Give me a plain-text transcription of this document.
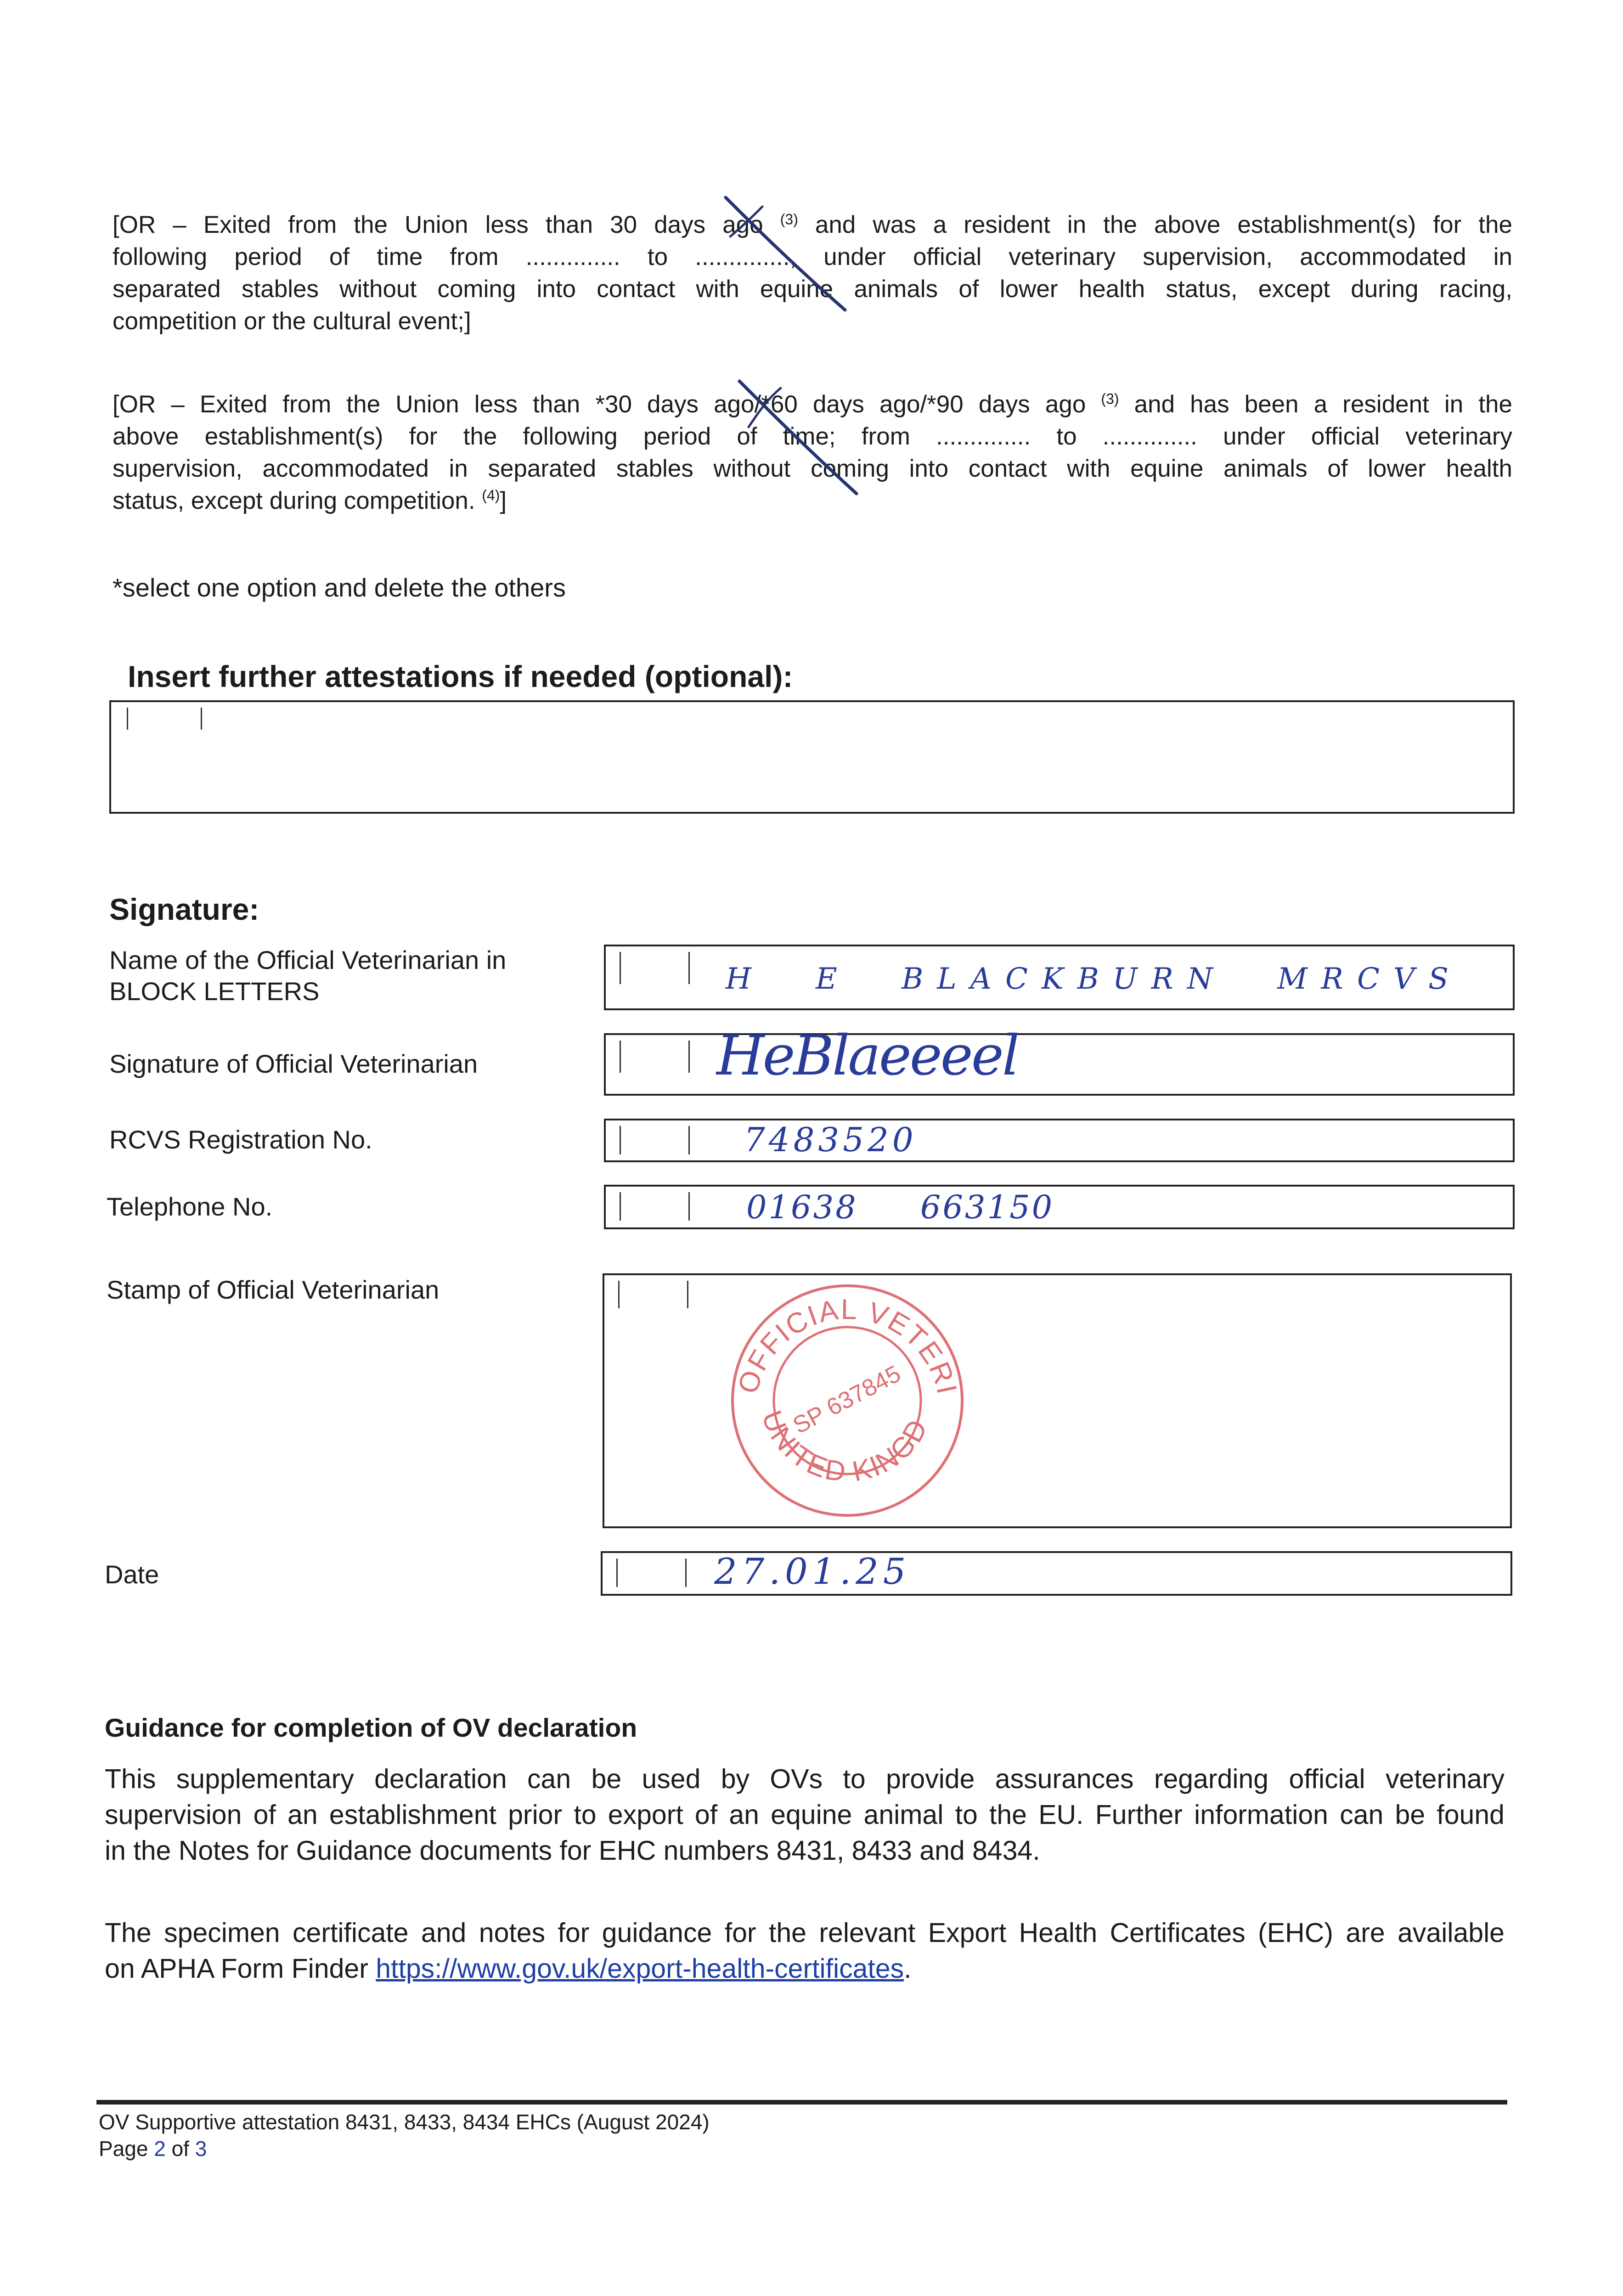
[OR – Exited from the Union less than 30 days ago $^{(3)}$ and was a resident in the above establishment(s) for the
following period of time from .............. to .............., under official veterinary supervision, accommodated in
separated stables without coming into contact with equine animals of lower health status, except during racing,
competition or the cultural event;]
[OR – Exited from the Union less than *30 days ago/*60 days ago/*90 days ago $^{(3)}$ and has been a resident in the
above establishment(s) for the following period of time; from .............. to .............. under official veterinary
supervision, accommodated in separated stables without coming into contact with equine animals of lower health
status, except during competition. $^{(4)}$]
*select one option and delete the others
Insert further attestations if needed (optional):
Signature:
Name of the Official Veterinarian in
BLOCK LETTERS	H E BLACKBURN MRCVS
Signature of Official Veterinarian	HeBlaeeeel
RCVS Registration No.	7483520
Telephone No.	01638 663150
Stamp of Official Veterinarian
OFFICIAL VETERINARIAN
UNITED KINGDOM
SP 637845
Date	27.01.25
Guidance for completion of OV declaration
This supplementary declaration can be used by OVs to provide assurances regarding official veterinary
supervision of an establishment prior to export of an equine animal to the EU. Further information can be found
in the Notes for Guidance documents for EHC numbers 8431, 8433 and 8434.
The specimen certificate and notes for guidance for the relevant Export Health Certificates (EHC) are available
on APHA Form Finder https://www.gov.uk/export-health-certificates.
OV Supportive attestation 8431, 8433, 8434 EHCs (August 2024)
Page 2 of 3
